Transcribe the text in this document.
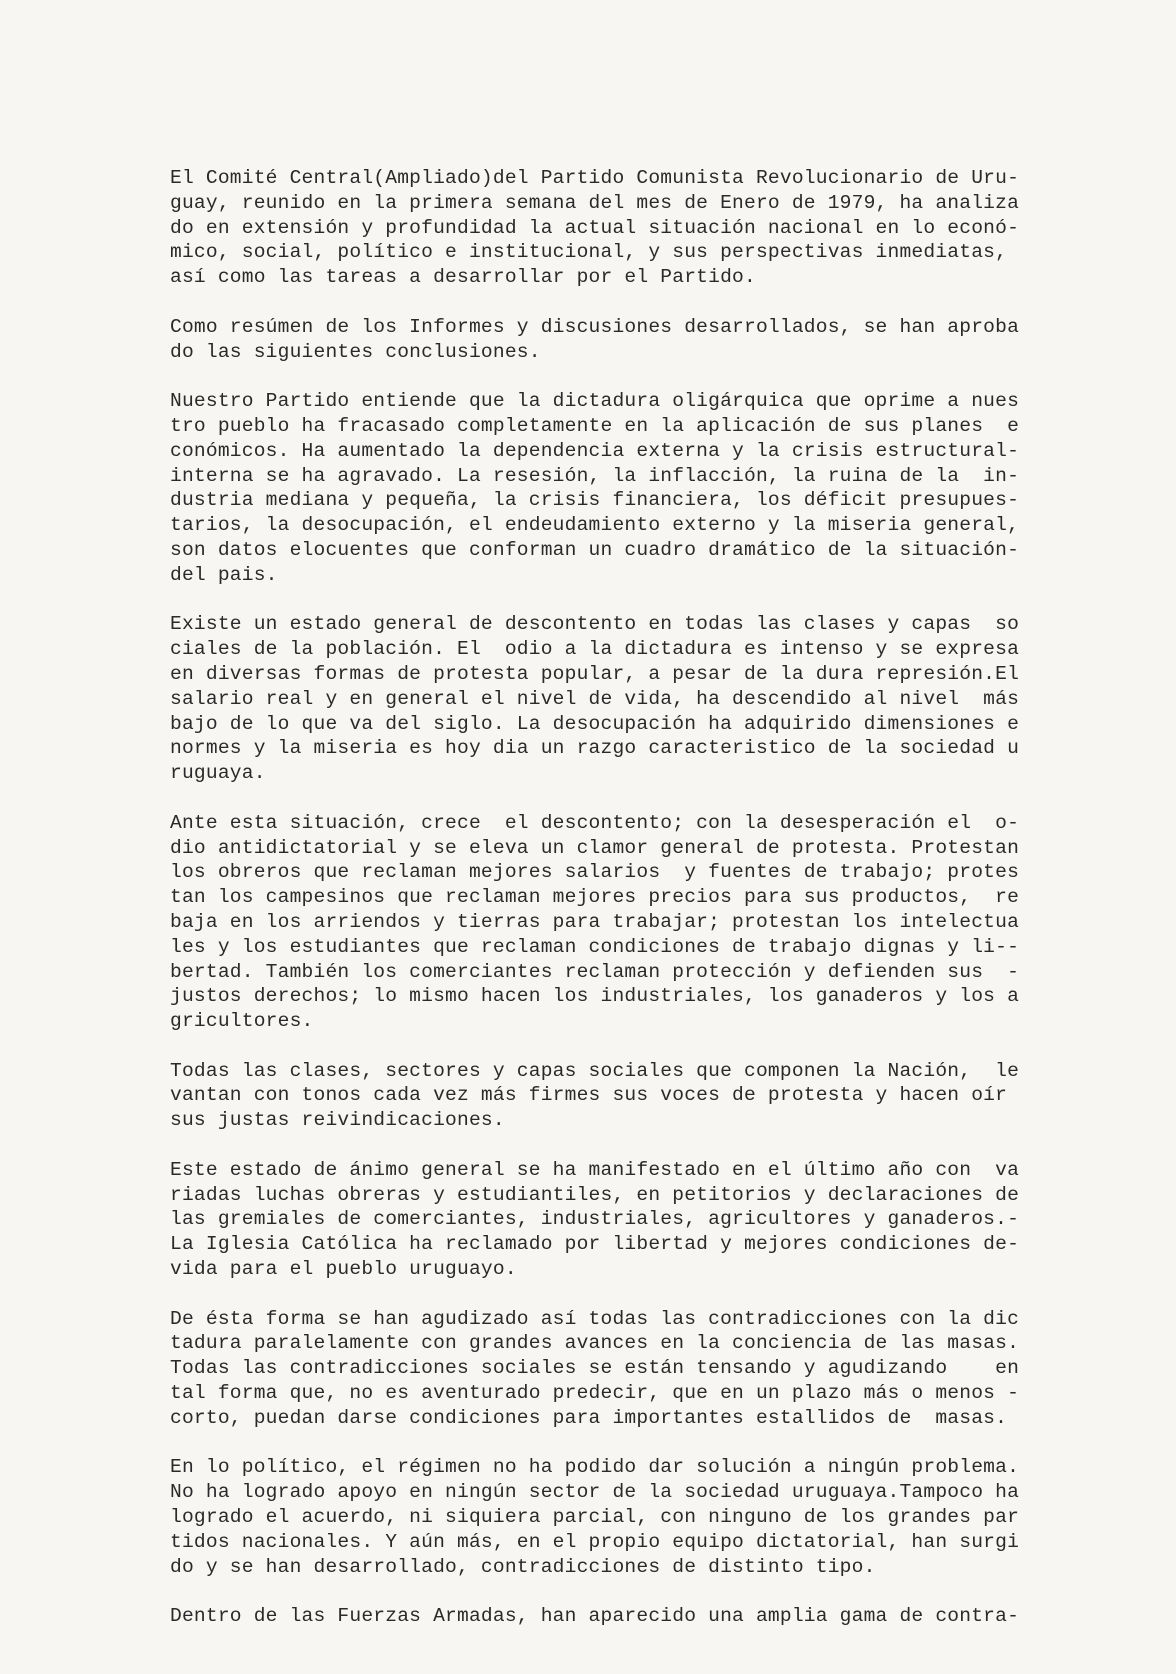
El Comité Central(Ampliado)del Partido Comunista Revolucionario de Uru-
guay, reunido en la primera semana del mes de Enero de 1979, ha analiza
do en extensión y profundidad la actual situación nacional en lo econó-
mico, social, político e institucional, y sus perspectivas inmediatas,
así como las tareas a desarrollar por el Partido.
Como resúmen de los Informes y discusiones desarrollados, se han aproba
do las siguientes conclusiones.
Nuestro Partido entiende que la dictadura oligárquica que oprime a nues
tro pueblo ha fracasado completamente en la aplicación de sus planes  e
conómicos. Ha aumentado la dependencia externa y la crisis estructural-
interna se ha agravado. La resesión, la inflacción, la ruina de la  in-
dustria mediana y pequeña, la crisis financiera, los déficit presupues-
tarios, la desocupación, el endeudamiento externo y la miseria general,
son datos elocuentes que conforman un cuadro dramático de la situación-
del pais.
Existe un estado general de descontento en todas las clases y capas  so
ciales de la población. El  odio a la dictadura es intenso y se expresa
en diversas formas de protesta popular, a pesar de la dura represión.El
salario real y en general el nivel de vida, ha descendido al nivel  más
bajo de lo que va del siglo. La desocupación ha adquirido dimensiones e
normes y la miseria es hoy dia un razgo caracteristico de la sociedad u
ruguaya.
Ante esta situación, crece  el descontento; con la desesperación el  o-
dio antidictatorial y se eleva un clamor general de protesta. Protestan
los obreros que reclaman mejores salarios  y fuentes de trabajo; protes
tan los campesinos que reclaman mejores precios para sus productos,  re
baja en los arriendos y tierras para trabajar; protestan los intelectua
les y los estudiantes que reclaman condiciones de trabajo dignas y li--
bertad. También los comerciantes reclaman protección y defienden sus  -
justos derechos; lo mismo hacen los industriales, los ganaderos y los a
gricultores.
Todas las clases, sectores y capas sociales que componen la Nación,  le
vantan con tonos cada vez más firmes sus voces de protesta y hacen oír
sus justas reivindicaciones.
Este estado de ánimo general se ha manifestado en el último año con  va
riadas luchas obreras y estudiantiles, en petitorios y declaraciones de
las gremiales de comerciantes, industriales, agricultores y ganaderos.-
La Iglesia Católica ha reclamado por libertad y mejores condiciones de-
vida para el pueblo uruguayo.
De ésta forma se han agudizado así todas las contradicciones con la dic
tadura paralelamente con grandes avances en la conciencia de las masas.
Todas las contradicciones sociales se están tensando y agudizando    en
tal forma que, no es aventurado predecir, que en un plazo más o menos -
corto, puedan darse condiciones para importantes estallidos de  masas.
En lo político, el régimen no ha podido dar solución a ningún problema.
No ha logrado apoyo en ningún sector de la sociedad uruguaya.Tampoco ha
logrado el acuerdo, ni siquiera parcial, con ninguno de los grandes par
tidos nacionales. Y aún más, en el propio equipo dictatorial, han surgi
do y se han desarrollado, contradicciones de distinto tipo.
Dentro de las Fuerzas Armadas, han aparecido una amplia gama de contra-
